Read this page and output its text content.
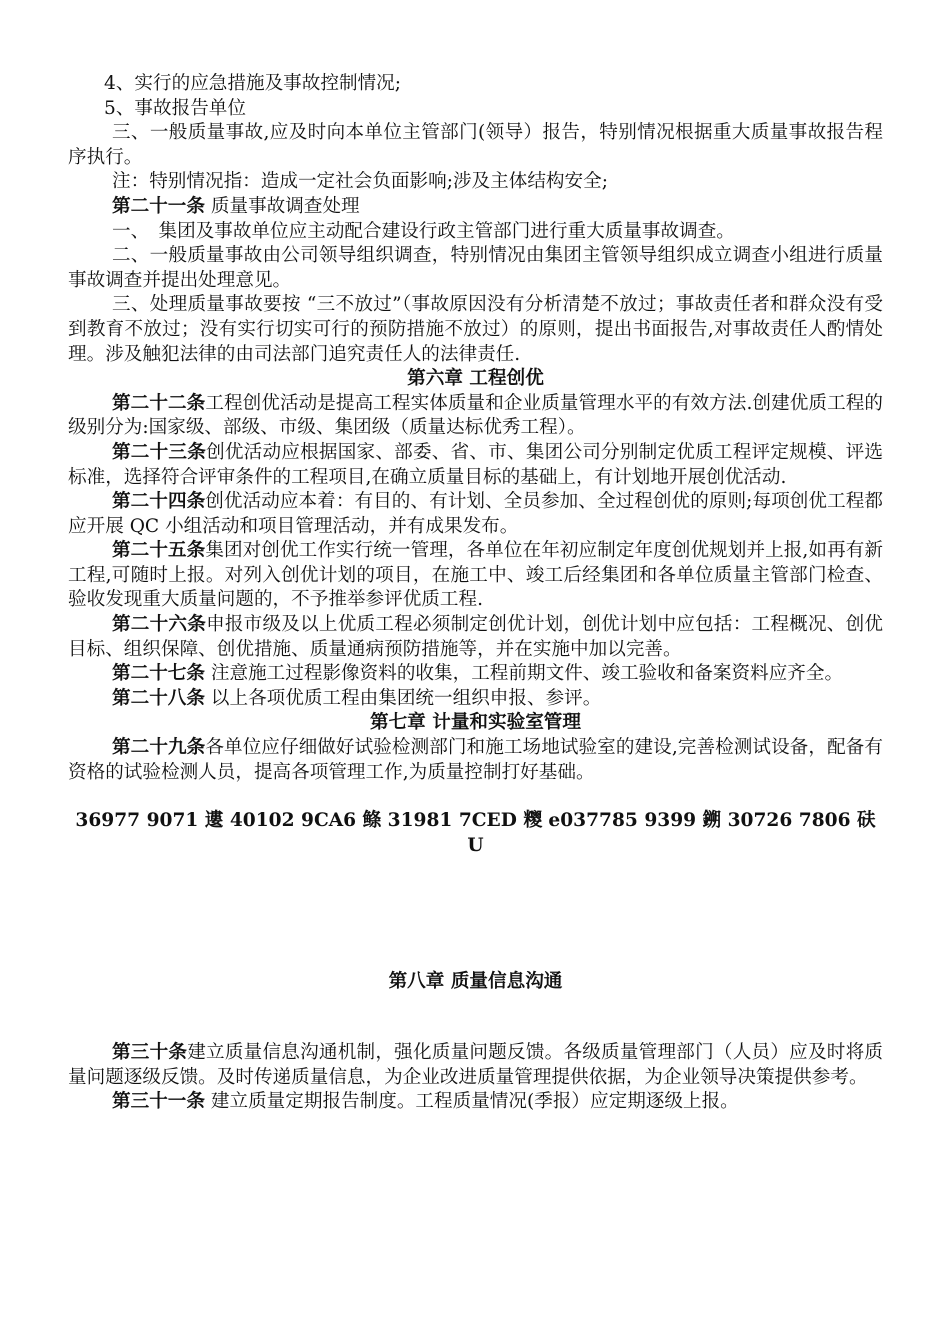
4、实行的应急措施及事故控制情况;

5、事故报告单位

三、一般质量事故,应及时向本单位主管部门(领导）报告，特别情况根据重大质量事故报告程序执行。

注：特别情况指：造成一定社会负面影响;涉及主体结构安全;

第二十一条 质量事故调查处理

一、　集团及事故单位应主动配合建设行政主管部门进行重大质量事故调查。

二、一般质量事故由公司领导组织调查，特别情况由集团主管领导组织成立调查小组进行质量事故调查并提出处理意见。

三、处理质量事故要按 “三不放过”（事故原因没有分析清楚不放过；事故责任者和群众没有受到教育不放过；没有实行切实可行的预防措施不放过）的原则，提出书面报告,对事故责任人酌情处理。涉及触犯法律的由司法部门追究责任人的法律责任.

第六章 工程创优

第二十二条工程创优活动是提高工程实体质量和企业质量管理水平的有效方法.创建优质工程的级别分为:国家级、部级、市级、集团级（质量达标优秀工程）。

第二十三条创优活动应根据国家、部委、省、市、集团公司分别制定优质工程评定规模、评选标准，选择符合评审条件的工程项目,在确立质量目标的基础上，有计划地开展创优活动.

第二十四条创优活动应本着：有目的、有计划、全员参加、全过程创优的原则;每项创优工程都应开展 QC 小组活动和项目管理活动，并有成果发布。

第二十五条集团对创优工作实行统一管理，各单位在年初应制定年度创优规划并上报,如再有新工程,可随时上报。对列入创优计划的项目，在施工中、竣工后经集团和各单位质量主管部门检查、验收发现重大质量问题的，不予推举参评优质工程.

第二十六条申报市级及以上优质工程必须制定创优计划，创优计划中应包括：工程概况、创优目标、组织保障、创优措施、质量通病预防措施等，并在实施中加以完善。

第二十七条 注意施工过程影像资料的收集，工程前期文件、竣工验收和备案资料应齐全。

第二十八条 以上各项优质工程由集团统一组织申报、参评。

第七章 计量和实验室管理

第二十九条各单位应仔细做好试验检测部门和施工场地试验室的建设,完善检测试设备，配备有资格的试验检测人员，提高各项管理工作,为质量控制打好基础。

36977 9071 遱 40102 9CA6 鲦 31981 7CED 糭 e037785 9399 鎙 30726 7806 砆 U

第八章 质量信息沟通

第三十条建立质量信息沟通机制，强化质量问题反馈。各级质量管理部门（人员）应及时将质量问题逐级反馈。及时传递质量信息，为企业改进质量管理提供依据，为企业领导决策提供参考。

第三十一条 建立质量定期报告制度。工程质量情况(季报）应定期逐级上报。
